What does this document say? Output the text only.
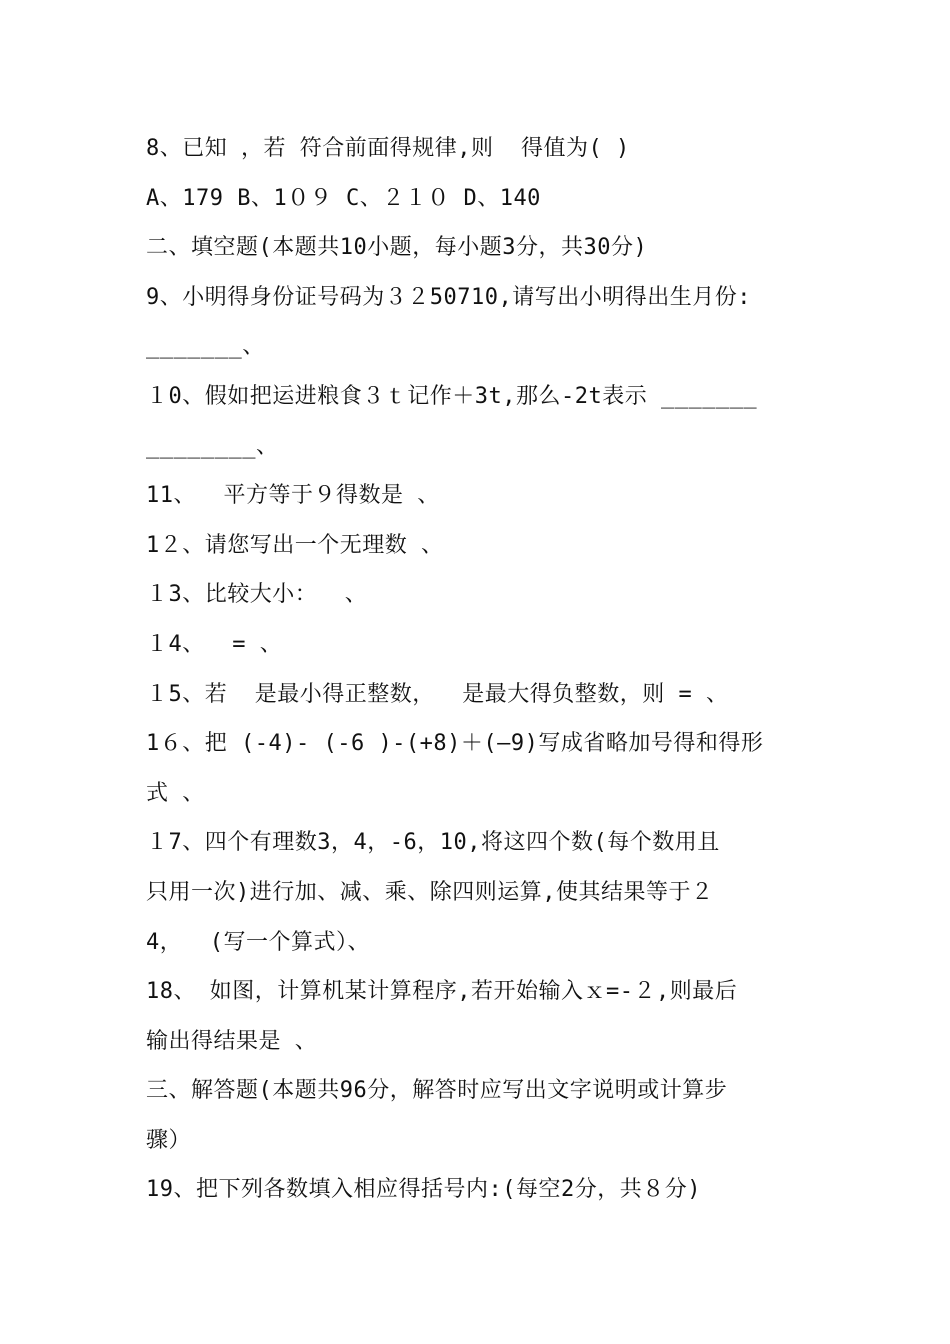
8、已知 ，若 符合前面得规律,则  得值为( )
A、179 B、1０９ C、２１０ D、140
二、填空题(本题共10小题，每小题3分，共30分)
9、小明得身份证号码为３２50710,请写出小明得出生月份:
_______、
１0、假如把运进粮食３ｔ记作＋3t,那么-2t表示 _______
________、
11、  平方等于９得数是 、
1２、请您写出一个无理数 、
１3、比较大小：  、
１4、  = 、
１5、若  是最小得正整数，  是最大得负整数，则 = 、
1６、把 (-4)- (-6 )-(+8)＋(—9)写成省略加号得和得形
式 、
１7、四个有理数3，4，-6，10,将这四个数(每个数用且
只用一次)进行加、减、乘、除四则运算,使其结果等于２
4，  (写一个算式）、
18、 如图，计算机某计算程序,若开始输入ｘ=-２,则最后
输出得结果是 、
三、解答题(本题共96分，解答时应写出文字说明或计算步
骤）
19、把下列各数填入相应得括号内:(每空2分，共８分)
